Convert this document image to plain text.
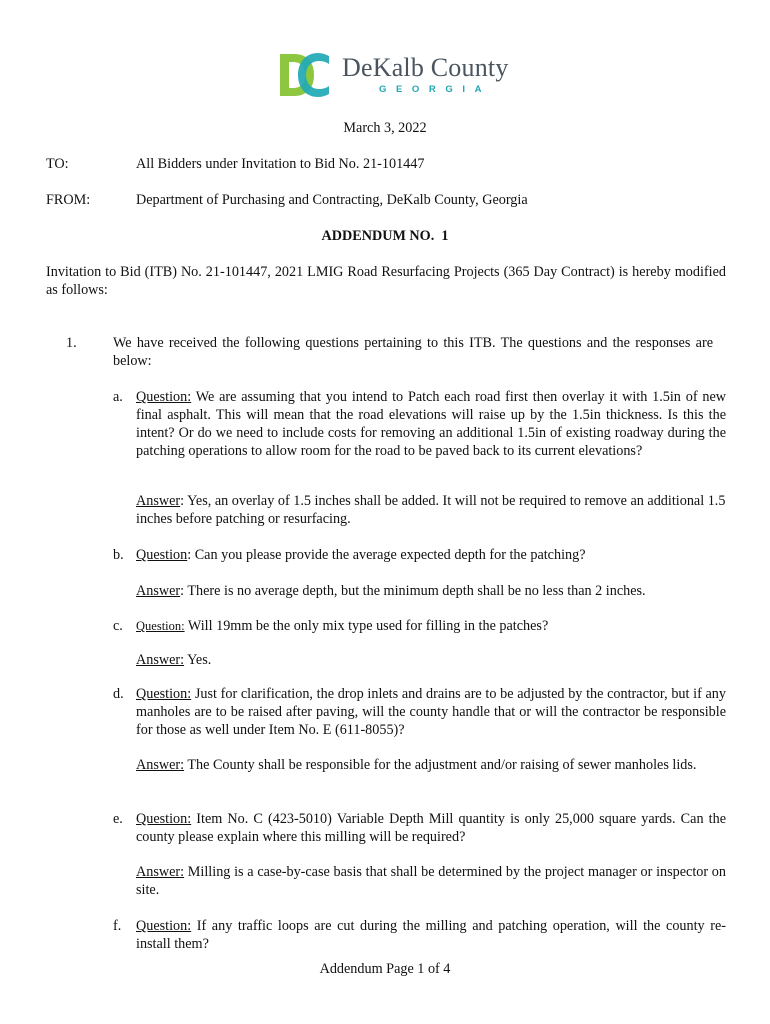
DeKalb County
GEORGIA
March 3, 2022
TO:	All Bidders under Invitation to Bid No. 21-101447
FROM:	Department of Purchasing and Contracting, DeKalb County, Georgia
ADDENDUM NO.  1
Invitation to Bid (ITB) No. 21-101447, 2021 LMIG Road Resurfacing Projects (365 Day Contract) is hereby modified as follows:
1.	We have received the following questions pertaining to this ITB. The questions and the responses are below:
a. Question: We are assuming that you intend to Patch each road first then overlay it with 1.5in of new final asphalt. This will mean that the road elevations will raise up by the 1.5in thickness. Is this the intent? Or do we need to include costs for removing an additional 1.5in of existing roadway during the patching operations to allow room for the road to be paved back to its current elevations?
Answer: Yes, an overlay of 1.5 inches shall be added. It will not be required to remove an additional 1.5 inches before patching or resurfacing.
b. Question: Can you please provide the average expected depth for the patching?
Answer: There is no average depth, but the minimum depth shall be no less than 2 inches.
c.	Question: Will 19mm be the only mix type used for filling in the patches?
Answer: Yes.
d. Question: Just for clarification, the drop inlets and drains are to be adjusted by the contractor, but if any manholes are to be raised after paving, will the county handle that or will the contractor be responsible for those as well under Item No. E (611-8055)?
Answer: The County shall be responsible for the adjustment and/or raising of sewer manholes lids.
e. Question: Item No. C (423-5010) Variable Depth Mill quantity is only 25,000 square yards. Can the county please explain where this milling will be required?
Answer: Milling is a case-by-case basis that shall be determined by the project manager or inspector on site.
f.	Question: If any traffic loops are cut during the milling and patching operation, will the county re-install them?
Addendum Page 1 of 4
